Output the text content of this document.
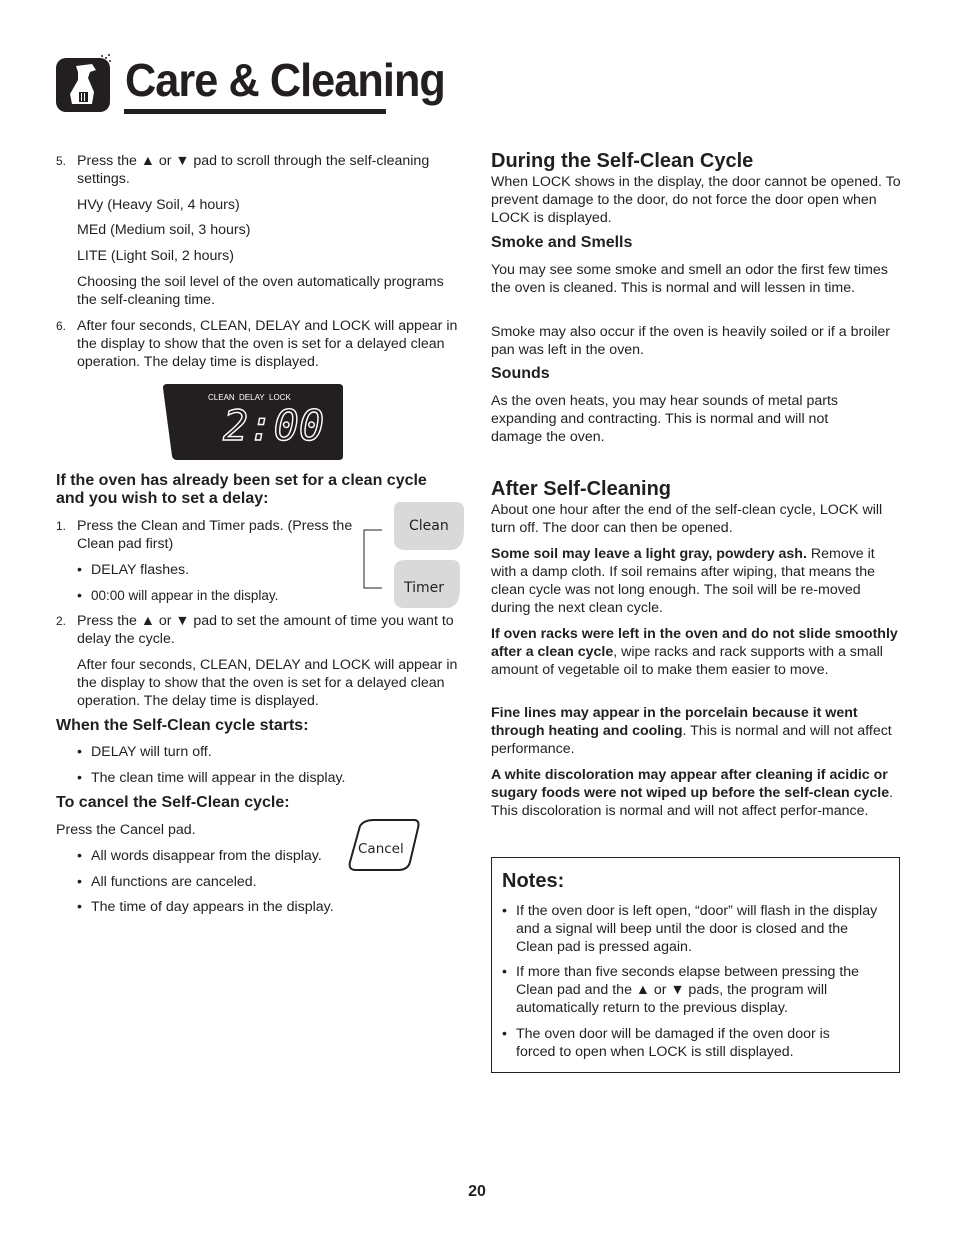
Care & Cleaning
5. Press the ▲ or ▼ pad to scroll through the self-cleaning settings.

HVy (Heavy Soil, 4 hours)

MEd (Medium soil, 3 hours)

LITE (Light Soil, 2 hours)

Choosing the soil level of the oven automatically programs the self-cleaning time.

6. After four seconds, CLEAN, DELAY and LOCK will appear in the display to show that the oven is set for a delayed clean operation. The delay time is displayed.

CLEAN DELAY LOCK
2:00

If the oven has already been set for a clean cycle and you wish to set a delay:

1. Press the Clean and Timer pads. (Press the Clean pad first)

• DELAY flashes.

• 00:00 will appear in the display.

Clean
Timer
2. Press the ▲ or ▼ pad to set the amount of time you want to delay the cycle.

After four seconds, CLEAN, DELAY and LOCK will appear in the display to show that the oven is set for a delayed clean operation. The delay time is displayed.

When the Self-Clean cycle starts:

• DELAY will turn off.

• The clean time will appear in the display.

To cancel the Self-Clean cycle:

Press the Cancel pad.

• All words disappear from the display.

• All functions are canceled.

• The time of day appears in the display.

Cancel

During the Self-Clean Cycle

When LOCK shows in the display, the door cannot be opened. To prevent damage to the door, do not force the door open when LOCK is displayed.

Smoke and Smells

You may see some smoke and smell an odor the first few times the oven is cleaned. This is normal and will lessen in time.

Smoke may also occur if the oven is heavily soiled or if a broiler pan was left in the oven.

Sounds

As the oven heats, you may hear sounds of metal parts expanding and contracting. This is normal and will not damage the oven.

After Self-Cleaning

About one hour after the end of the self-clean cycle, LOCK will turn off. The door can then be opened.

Some soil may leave a light gray, powdery ash. Remove it with a damp cloth. If soil remains after wiping, that means the clean cycle was not long enough. The soil will be re-moved during the next clean cycle.

If oven racks were left in the oven and do not slide smoothly after a clean cycle, wipe racks and rack supports with a small amount of vegetable oil to make them easier to move.

Fine lines may appear in the porcelain because it went through heating and cooling. This is normal and will not affect performance.

A white discoloration may appear after cleaning if acidic or sugary foods were not wiped up before the self-clean cycle. This discoloration is normal and will not affect perfor-mance.

Notes:

• If the oven door is left open, “door” will flash in the display and a signal will beep until the door is closed and the Clean pad is pressed again.

• If more than five seconds elapse between pressing the Clean pad and the ▲ or ▼ pads, the program will automatically return to the previous display.

• The oven door will be damaged if the oven door is forced to open when LOCK is still displayed.

20
